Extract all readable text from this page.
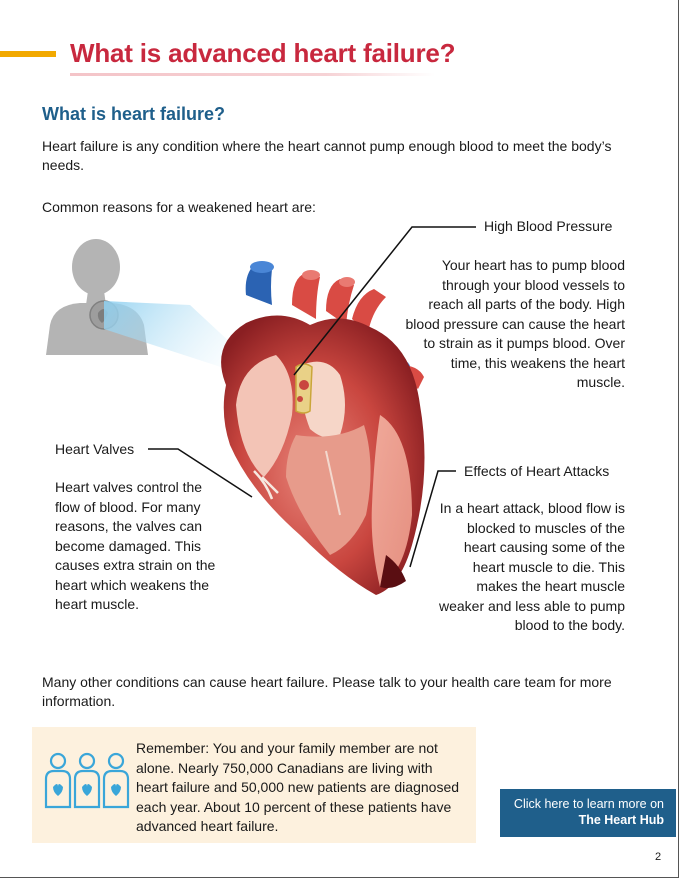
What is advanced heart failure?
What is heart failure?

Heart failure is any condition where the heart cannot pump enough blood to meet the body’s needs.

Common reasons for a weakened heart are:

High Blood Pressure

Your heart has to pump blood through your blood vessels to reach all parts of the body. High blood pressure can cause the heart to strain as it pumps blood. Over time, this weakens the heart muscle.

Heart Valves

Heart valves control the flow of blood. For many reasons, the valves can become damaged. This causes extra strain on the heart which weakens the heart muscle.

Effects of Heart Attacks

In a heart attack, blood flow is blocked to muscles of the heart causing some of the heart muscle to die. This makes the heart muscle weaker and less able to pump blood to the body.

Many other conditions can cause heart failure. Please talk to your health care team for more information.

Remember: You and your family member are not alone. Nearly 750,000 Canadians are living with heart failure and 50,000 new patients are diagnosed each year. About 10 percent of these patients have advanced heart failure.

Click here to learn more on
The Heart Hub

2
